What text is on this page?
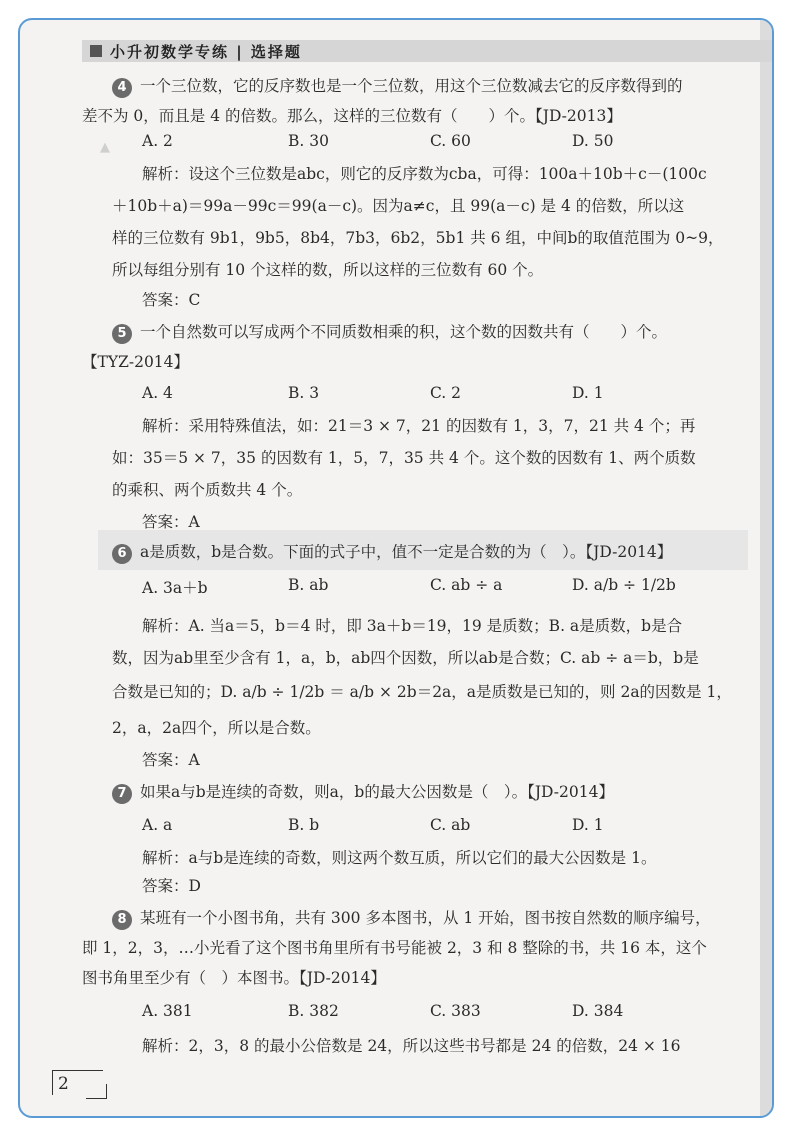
小升初数学专练 | 选择题
▲
4 一个三位数，它的反序数也是一个三位数，用这个三位数减去它的反序数得到的
差不为 0，而且是 4 的倍数。那么，这样的三位数有（　　）个。【JD-2013】
A. 2	B. 30	C. 60	D. 50
解析：设这个三位数是abc，则它的反序数为cba，可得：100a＋10b＋c－(100c
＋10b＋a)＝99a－99c＝99(a－c)。因为a≠c，且 99(a－c) 是 4 的倍数，所以这
样的三位数有 9b1，9b5，8b4，7b3，6b2，5b1 共 6 组，中间b的取值范围为 0~9，
所以每组分别有 10 个这样的数，所以这样的三位数有 60 个。
答案：C
5 一个自然数可以写成两个不同质数相乘的积，这个数的因数共有（　　）个。
【TYZ-2014】
A. 4	B. 3	C. 2	D. 1
解析：采用特殊值法，如：21＝3 × 7，21 的因数有 1，3，7，21 共 4 个；再
如：35＝5 × 7，35 的因数有 1，5，7，35 共 4 个。这个数的因数有 1、两个质数
的乘积、两个质数共 4 个。
答案：A
6 a是质数，b是合数。下面的式子中，值不一定是合数的为（　）。【JD-2014】
A. 3a＋b	B. ab	C. ab ÷ a	D. a/b ÷ 1/2b
解析：A. 当a＝5，b＝4 时，即 3a＋b＝19，19 是质数；B. a是质数，b是合
数，因为ab里至少含有 1，a，b，ab四个因数，所以ab是合数；C. ab ÷ a＝b，b是
合数是已知的；D. a/b ÷ 1/2b ＝ a/b × 2b＝2a，a是质数是已知的，则 2a的因数是 1，
2，a，2a四个，所以是合数。
答案：A
7 如果a与b是连续的奇数，则a，b的最大公因数是（　）。【JD-2014】
A. a	B. b	C. ab	D. 1
解析：a与b是连续的奇数，则这两个数互质，所以它们的最大公因数是 1。
答案：D
8 某班有一个小图书角，共有 300 多本图书，从 1 开始，图书按自然数的顺序编号，
即 1，2，3，…小光看了这个图书角里所有书号能被 2，3 和 8 整除的书，共 16 本，这个
图书角里至少有（　）本图书。【JD-2014】
A. 381	B. 382	C. 383	D. 384
解析：2，3，8 的最小公倍数是 24，所以这些书号都是 24 的倍数，24 × 16
2
